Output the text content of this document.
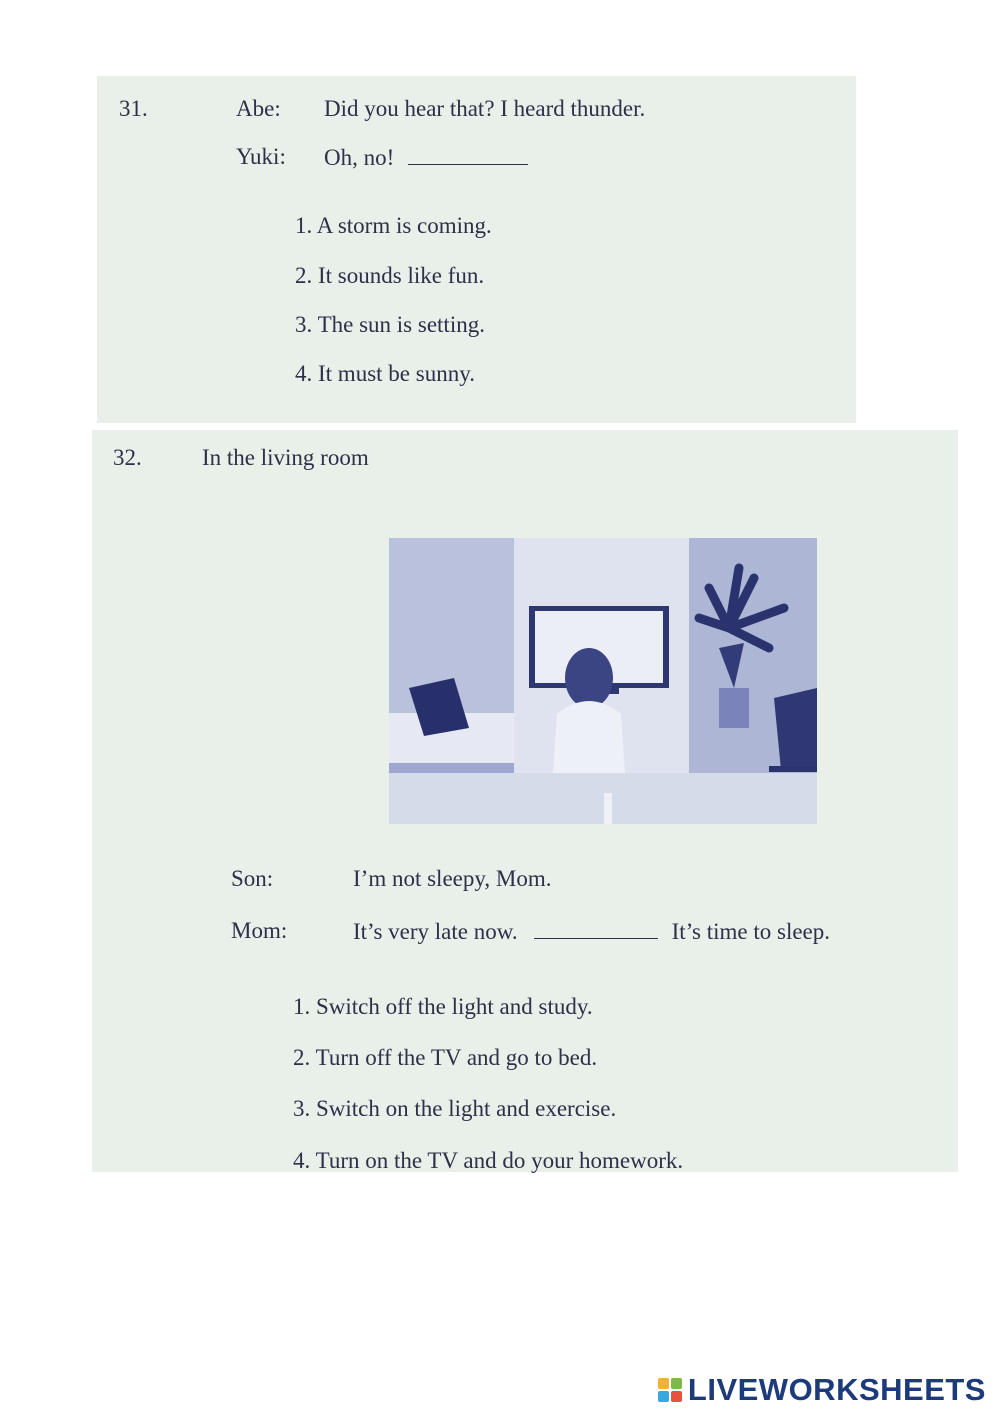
31.	Abe: Did you hear that? I heard thunder.
Yuki: Oh, no!
1. A storm is coming.
2. It sounds like fun.
3. The sun is setting.
4. It must be sunny.
32.	In the living room
Son:	I’m not sleepy, Mom.
Mom:	It’s very late now.	It’s time to sleep.
1. Switch off the light and study.
2. Turn off the TV and go to bed.
3. Switch on the light and exercise.
4. Turn on the TV and do your homework.
LIVEWORKSHEETS
